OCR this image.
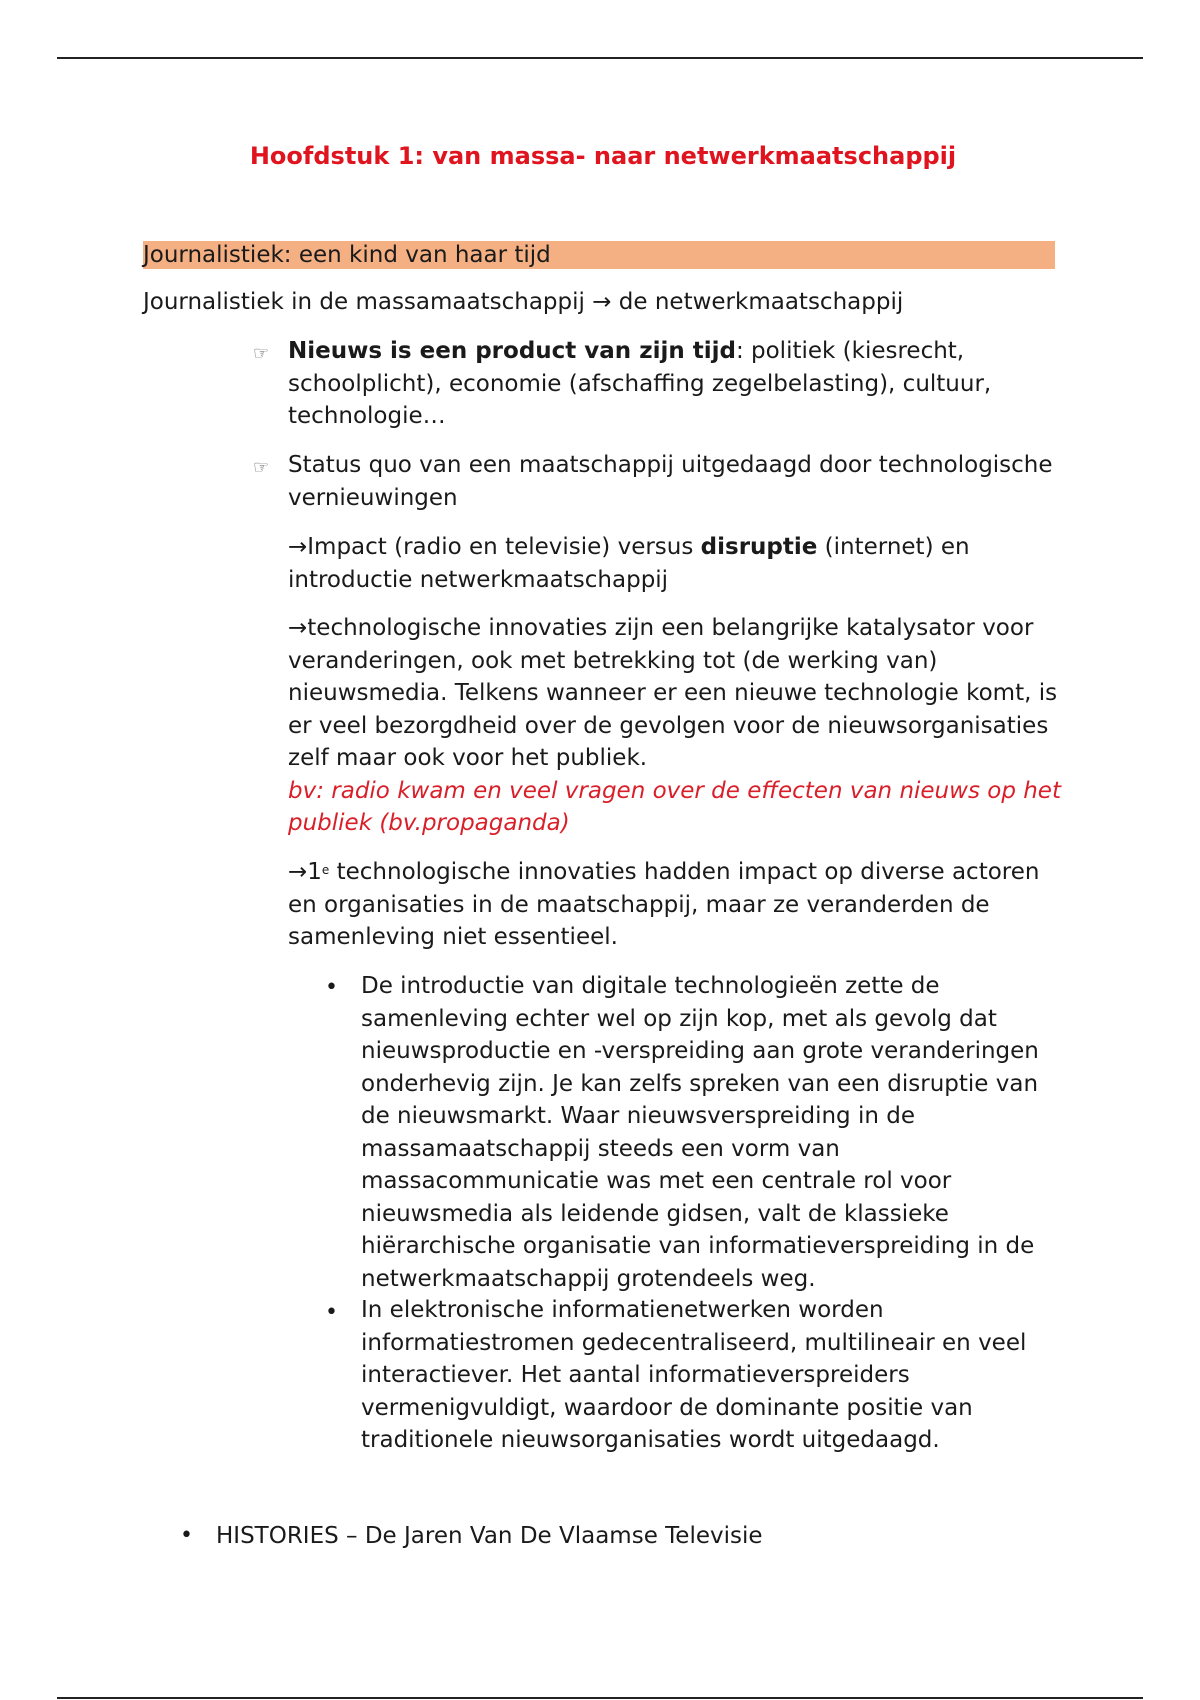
Hoofdstuk 1: van massa- naar netwerkmaatschappij
Journalistiek: een kind van haar tijd
Journalistiek in de massamaatschappij → de netwerkmaatschappij
☞ Nieuws is een product van zijn tijd: politiek (kiesrecht, schoolplicht), economie (afschaffing zegelbelasting), cultuur, technologie…
☞ Status quo van een maatschappij uitgedaagd door technologische vernieuwingen
→Impact (radio en televisie) versus disruptie (internet) en introductie netwerkmaatschappij
→technologische innovaties zijn een belangrijke katalysator voor veranderingen, ook met betrekking tot (de werking van) nieuwsmedia. Telkens wanneer er een nieuwe technologie komt, is er veel bezorgdheid over de gevolgen voor de nieuwsorganisaties zelf maar ook voor het publiek.
bv: radio kwam en veel vragen over de effecten van nieuws op het publiek (bv.propaganda)
$\to 1^e$ technologische innovaties hadden impact op diverse actoren en organisaties in de maatschappij, maar ze veranderden de samenleving niet essentieel.
• De introductie van digitale technologieën zette de samenleving echter wel op zijn kop, met als gevolg dat nieuwsproductie en -verspreiding aan grote veranderingen onderhevig zijn. Je kan zelfs spreken van een disruptie van de nieuwsmarkt. Waar nieuwsverspreiding in de massamaatschappij steeds een vorm van massacommunicatie was met een centrale rol voor nieuwsmedia als leidende gidsen, valt de klassieke hiërarchische organisatie van informatieverspreiding in de netwerkmaatschappij grotendeels weg.
• In elektronische informatienetwerken worden informatiestromen gedecentraliseerd, multilineair en veel interactiever. Het aantal informatieverspreiders vermenigvuldigt, waardoor de dominante positie van traditionele nieuwsorganisaties wordt uitgedaagd.
• HISTORIES – De Jaren Van De Vlaamse Televisie
